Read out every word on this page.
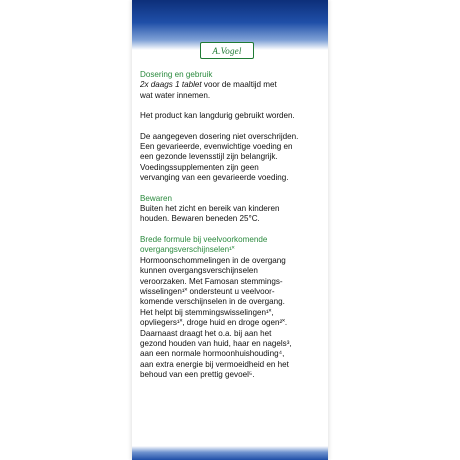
A.Vogel

Dosering en gebruik

2x daags 1 tablet voor de maaltijd met

wat water innemen.

Het product kan langdurig gebruikt worden.

De aangegeven dosering niet overschrijden.

Een gevarieerde, evenwichtige voeding en

een gezonde levensstijl zijn belangrijk.

Voedingssupplementen zijn geen

vervanging van een gevarieerde voeding.

Bewaren

Buiten het zicht en bereik van kinderen

houden. Bewaren beneden 25°C.

Brede formule bij veelvoorkomende

overgangsverschijnselen¹˟

Hormoonschommelingen in de overgang

kunnen overgangsverschijnselen

veroorzaken. Met Famosan stemmings-

wisselingen¹˟ ondersteunt u veelvoor-

komende verschijnselen in de overgang.

Het helpt bij stemmingswisselingen¹˟,

opvliegers¹˟, droge huid en droge ogen²˟.

Daarnaast draagt het o.a. bij aan het

gezond houden van huid, haar en nagels³,

aan een normale hormoonhuishouding⁴,

aan extra energie bij vermoeidheid en het

behoud van een prettig gevoel⁵.
